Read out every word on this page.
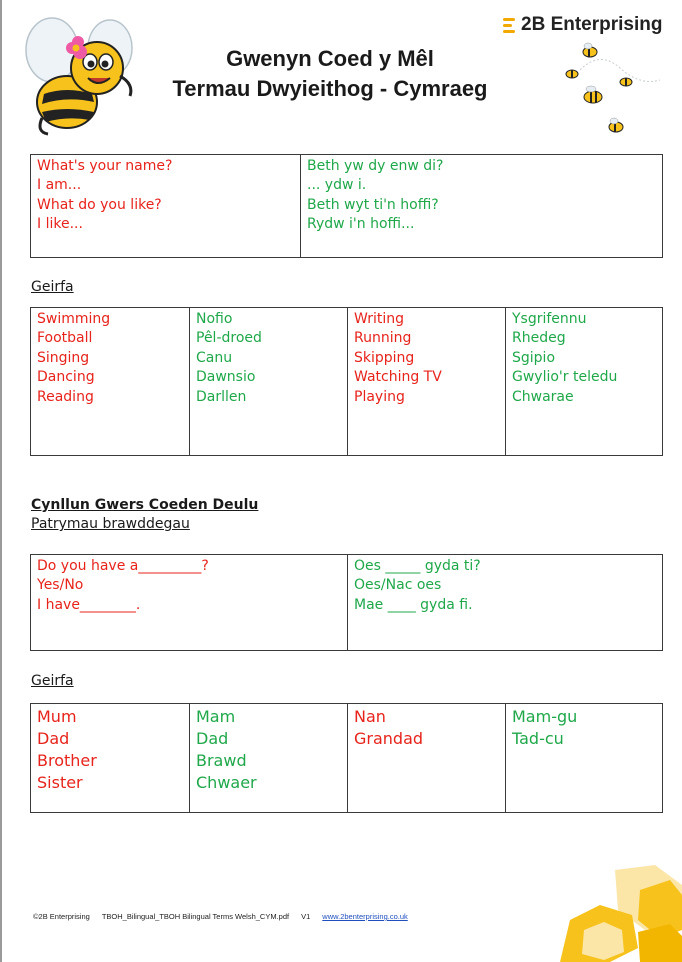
2B Enterprising
Gwenyn Coed y Mêl
Termau Dwyieithog - Cymraeg
What's your name?
I am...
What do you like?
I like...
Beth yw dy enw di?
... ydw i.
Beth wyt ti'n hoffi?
Rydw i'n hoffi...
Geirfa
Swimming
Football
Singing
Dancing
Reading
Nofio
Pêl-droed
Canu
Dawnsio
Darllen
Writing
Running
Skipping
Watching TV
Playing
Ysgrifennu
Rhedeg
Sgipio
Gwylio'r teledu
Chwarae
Cynllun Gwers Coeden Deulu
Patrymau brawddegau
Do you have a_________?
Yes/No
I have________.
Oes _____ gyda ti?
Oes/Nac oes
Mae ____ gyda fi.
Geirfa
Mum
Dad
Brother
Sister
Mam
Dad
Brawd
Chwaer
Nan
Grandad
Mam-gu
Tad-cu
©2B Enterprising TBOH_Bilingual_TBOH Bilingual Terms Welsh_CYM.pdf V1 www.2benterprising.co.uk
